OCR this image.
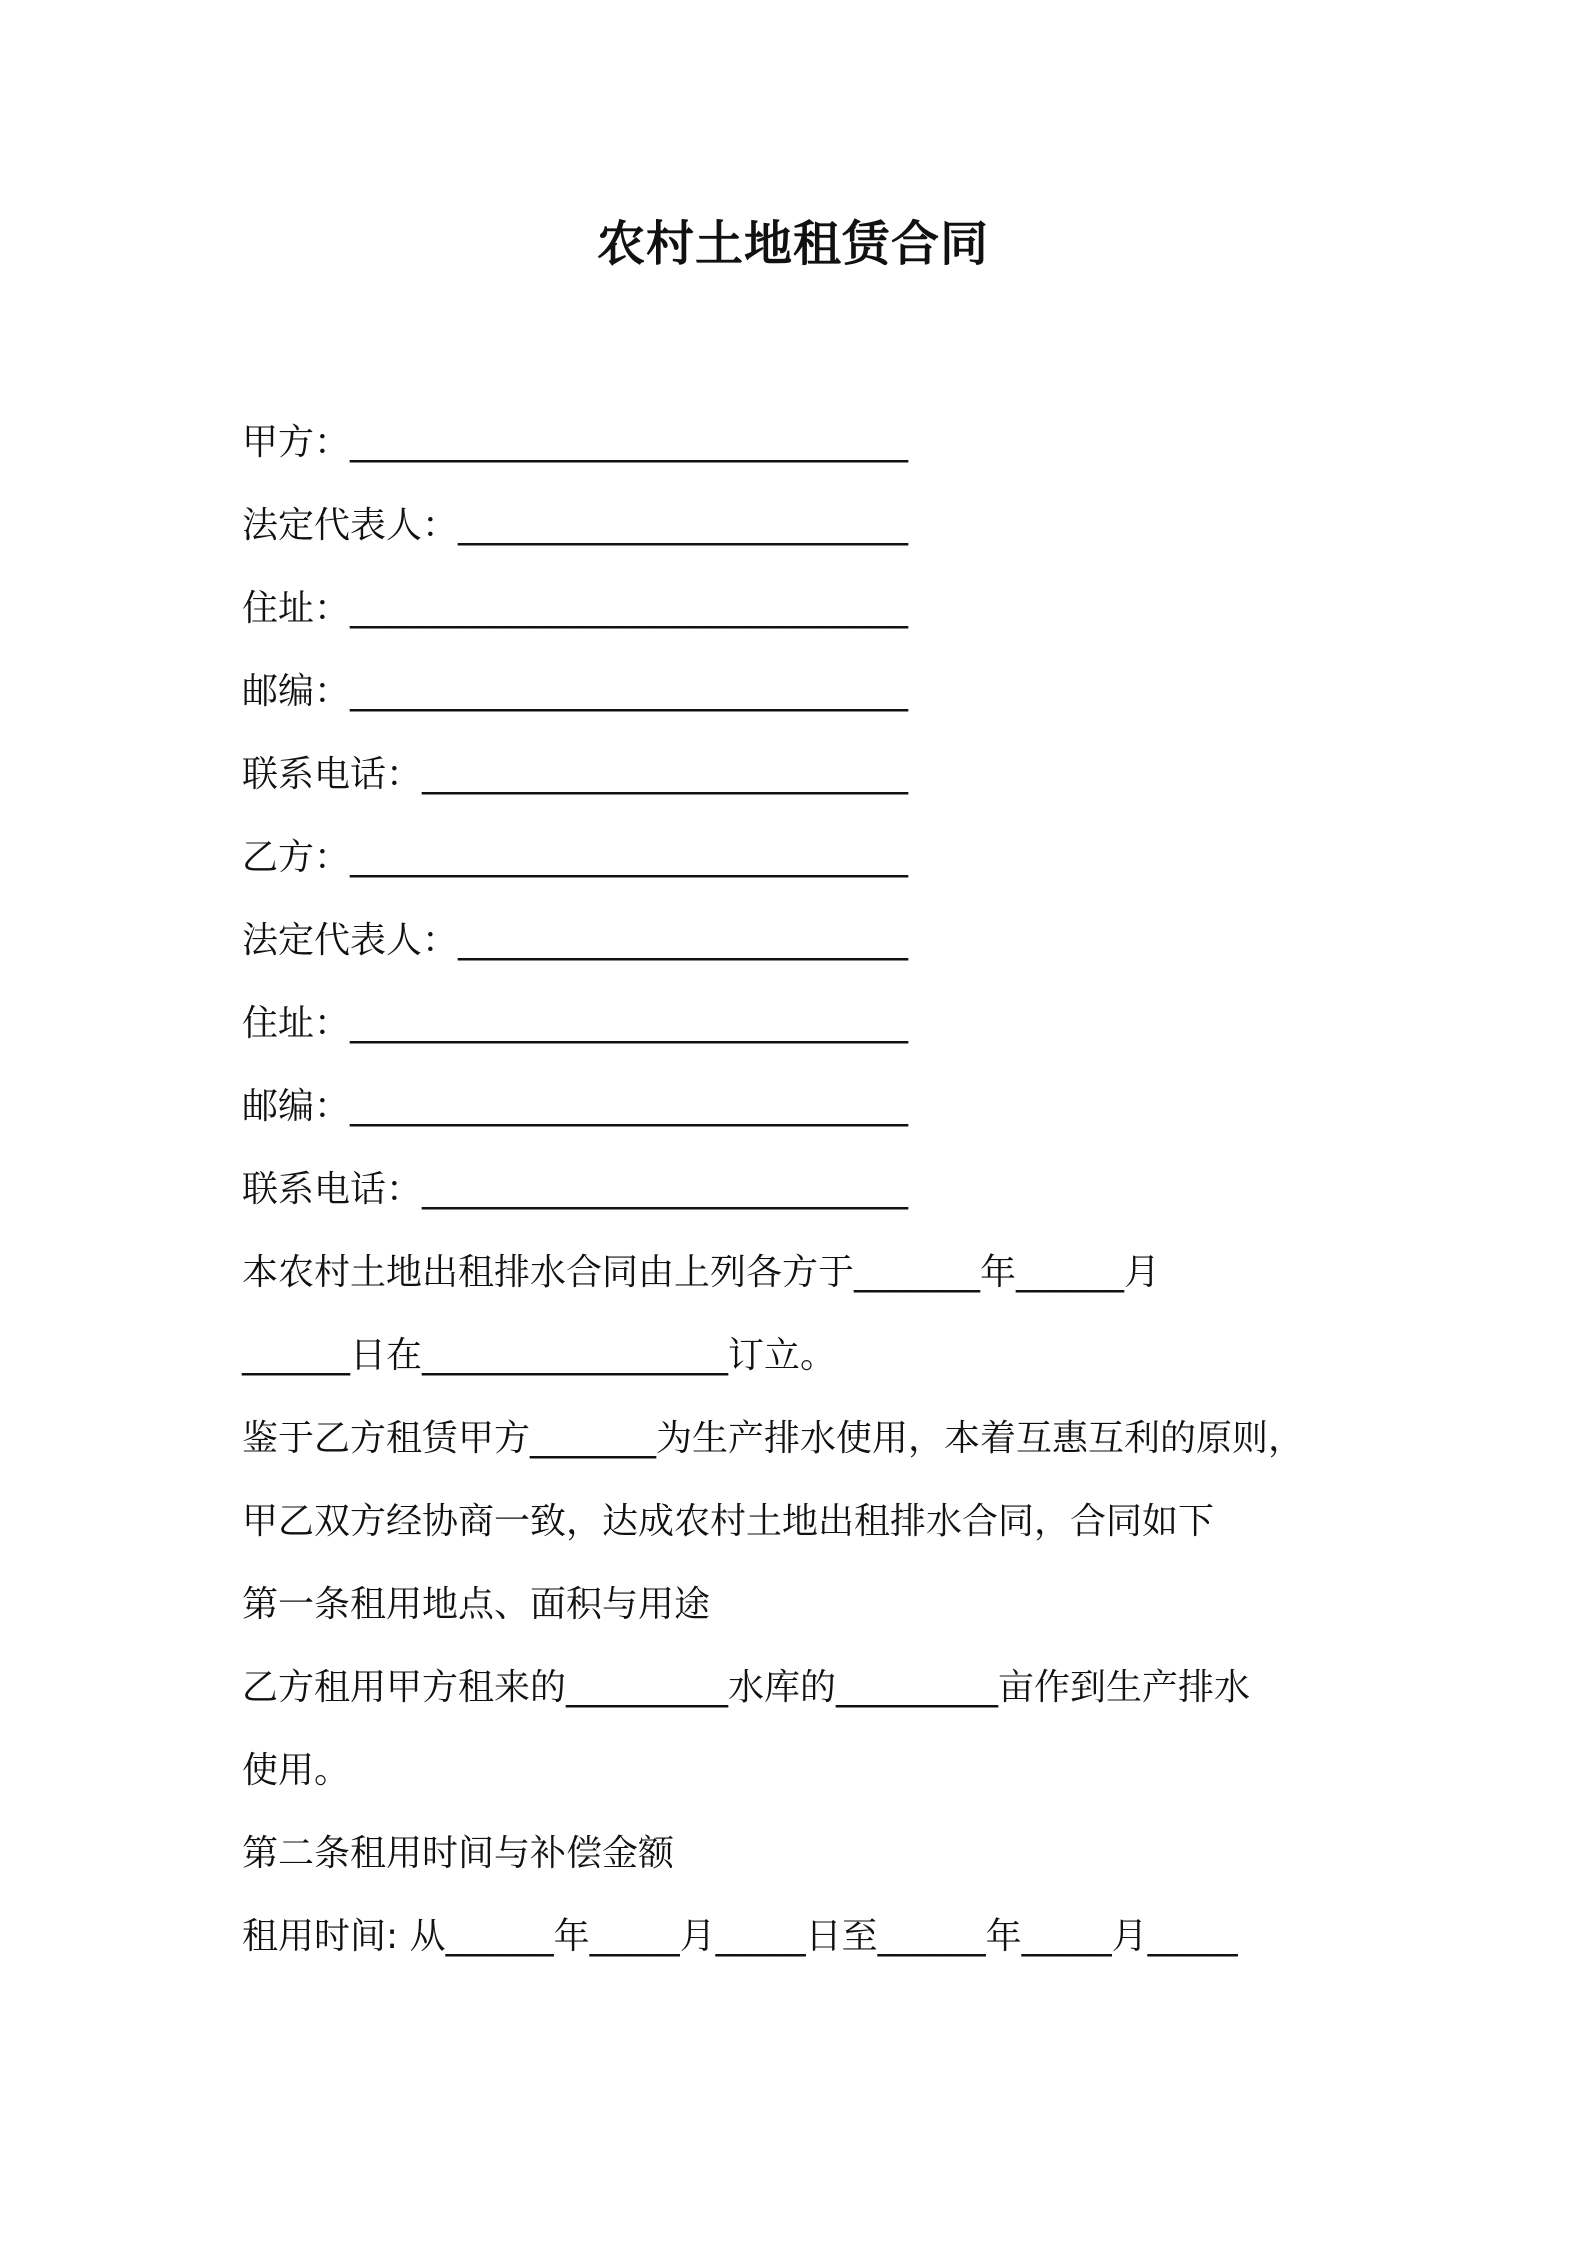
农村土地租赁合同
甲方：_______________________________
法定代表人：_________________________
住址：_______________________________
邮编：_______________________________
联系电话：___________________________
乙方：_______________________________
法定代表人：_________________________
住址：_______________________________
邮编：_______________________________
联系电话：___________________________
本农村土地出租排水合同由上列各方于_______年______月
______日在_________________订立。
鉴于乙方租赁甲方_______为生产排水使用，本着互惠互利的原则，
甲乙双方经协商一致，达成农村土地出租排水合同，合同如下
第一条租用地点、面积与用途
乙方租用甲方租来的_________水库的_________亩作到生产排水
使用。
第二条租用时间与补偿金额
租用时间: 从______年_____月_____日至______年_____月_____
